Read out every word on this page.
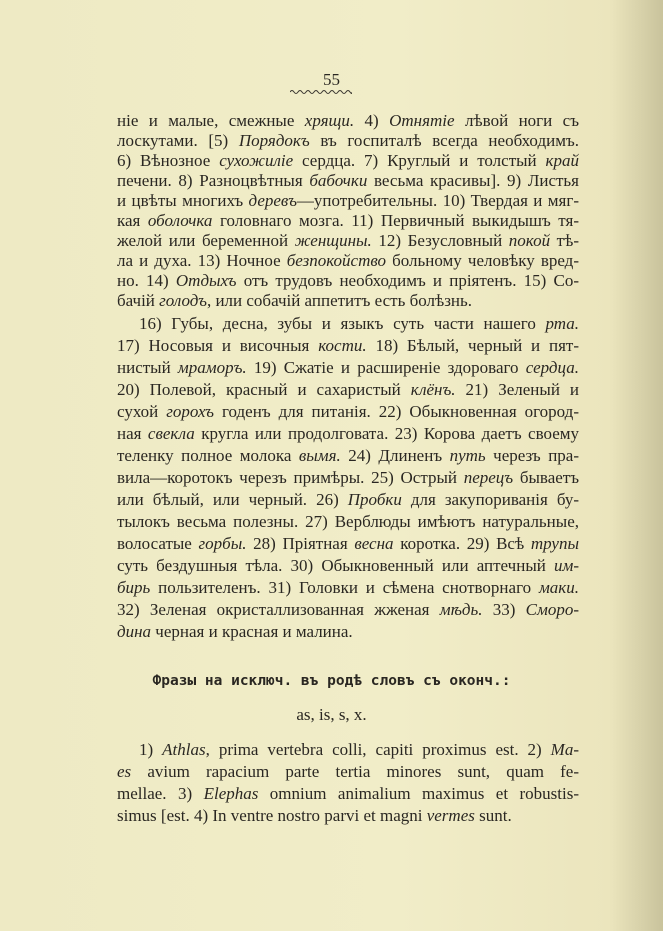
55
ніе и малые, смежные хрящи. 4) Отнятіе лѣвой ноги съ
лоскутами. [5) Порядокъ въ госпиталѣ всегда необходимъ.
6) Вѣнозное сухожиліе сердца. 7) Круглый и толстый край
печени. 8) Разноцвѣтныя бабочки весьма красивы]. 9) Листья
и цвѣты многихъ деревъ—употребительны. 10) Твердая и мяг-
кая оболочка головнаго мозга. 11) Первичный выкидышъ тя-
желой или беременной женщины. 12) Безусловный покой тѣ-
ла и духа. 13) Ночное безпокойство больному человѣку вред-
но. 14) Отдыхъ отъ трудовъ необходимъ и пріятенъ. 15) Со-
бачій голодъ, или собачій аппетитъ есть болѣзнь.
16) Губы, десна, зубы и языкъ суть части нашего рта.
17) Носовыя и височныя кости. 18) Бѣлый, черный и пят-
нистый мраморъ. 19) Сжатіе и расширеніе здороваго сердца.
20) Полевой, красный и сахаристый клёнъ. 21) Зеленый и
сухой горохъ годенъ для питанія. 22) Обыкновенная огород-
ная свекла кругла или продолговата. 23) Корова даетъ своему
теленку полное молока вымя. 24) Длиненъ путь черезъ пра-
вила—коротокъ черезъ примѣры. 25) Острый перецъ бываетъ
или бѣлый, или черный. 26) Пробки для закупориванія бу-
тылокъ весьма полезны. 27) Верблюды имѣютъ натуральные,
волосатые горбы. 28) Пріятная весна коротка. 29) Всѣ трупы
суть бездушныя тѣла. 30) Обыкновенный или аптечный им-
бирь пользителенъ. 31) Головки и сѣмена снотворнаго маки.
32) Зеленая окристаллизованная жженая мѣдь. 33) Сморо-
дина черная и красная и малина.
Фразы на исключ. въ родѣ словъ съ оконч.:
as, is, s, x.
1) Athlas, prima vertebra colli, capiti proximus est. 2) Ma-
es avium rapacium parte tertia minores sunt, quam fe-
mellae. 3) Elephas omnium animalium maximus et robustis-
simus [est. 4) In ventre nostro parvi et magni vermes sunt.
